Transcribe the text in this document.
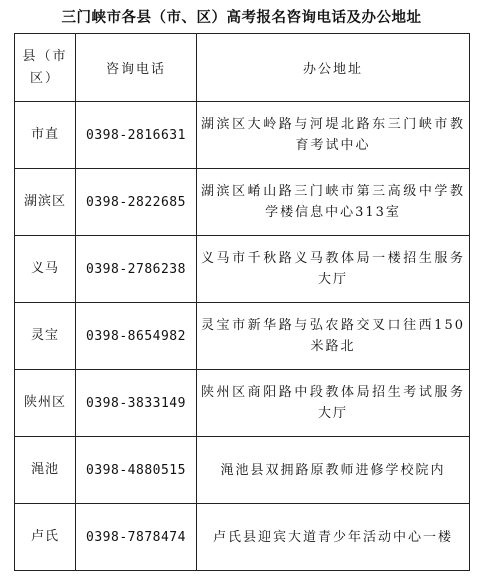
三门峡市各县（市、区）高考报名咨询电话及办公地址
县（市区）	咨询电话	办公地址
市直	0398-2816631	湖滨区大岭路与河堤北路东三门峡市教育考试中心
湖滨区	0398-2822685	湖滨区崤山路三门峡市第三高级中学教学楼信息中心313室
义马	0398-2786238	义马市千秋路义马教体局一楼招生服务大厅
灵宝	0398-8654982	灵宝市新华路与弘农路交叉口往西150米路北
陕州区	0398-3833149	陕州区商阳路中段教体局招生考试服务大厅
渑池	0398-4880515	渑池县双拥路原教师进修学校院内
卢氏	0398-7878474	卢氏县迎宾大道青少年活动中心一楼
